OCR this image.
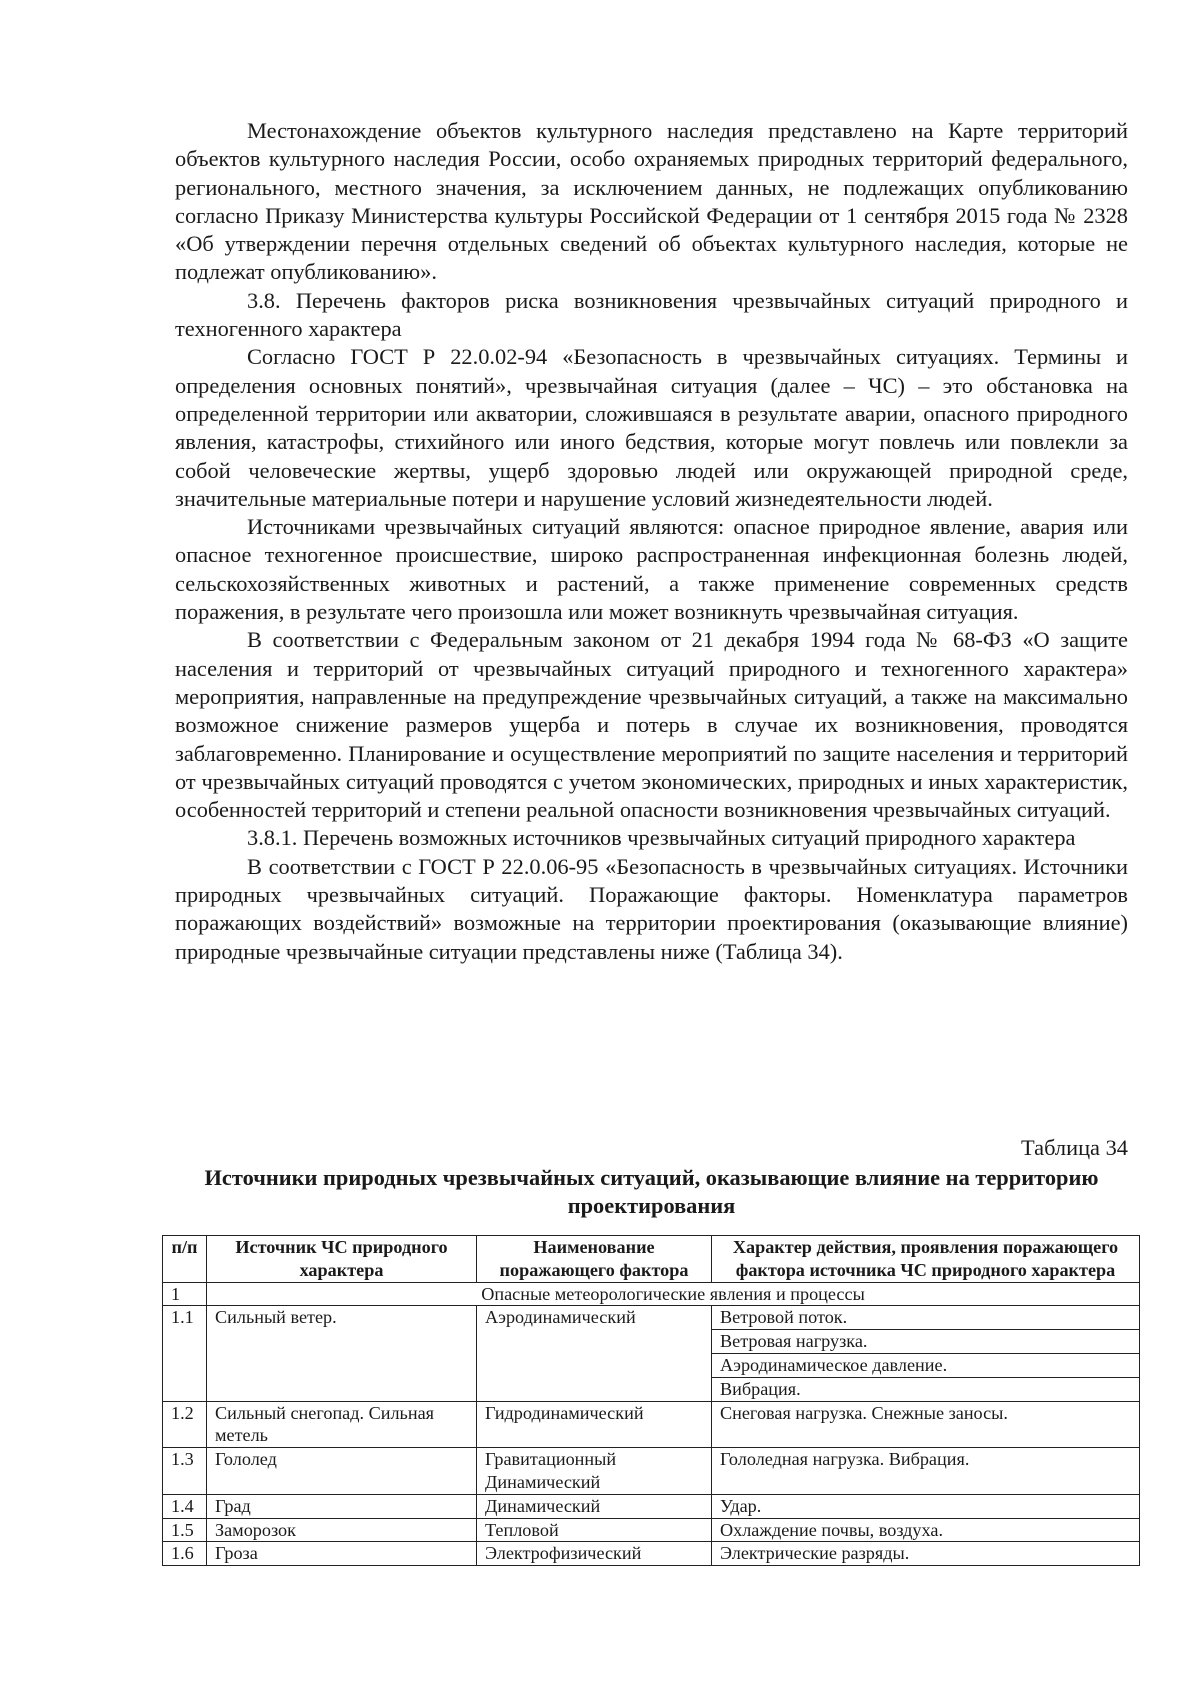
Местонахождение объектов культурного наследия представлено на Карте территорий объектов культурного наследия России, особо охраняемых природных территорий федерального, регионального, местного значения, за исключением данных, не подлежащих опубликованию согласно Приказу Министерства культуры Российской Федерации от 1 сентября 2015 года № 2328 «Об утверждении перечня отдельных сведений об объектах культурного наследия, которые не подлежат опубликованию».

3.8. Перечень факторов риска возникновения чрезвычайных ситуаций природного и техногенного характера

Согласно ГОСТ Р 22.0.02-94 «Безопасность в чрезвычайных ситуациях. Термины и определения основных понятий», чрезвычайная ситуация (далее – ЧС) – это обстановка на определенной территории или акватории, сложившаяся в результате аварии, опасного природного явления, катастрофы, стихийного или иного бедствия, которые могут повлечь или повлекли за собой человеческие жертвы, ущерб здоровью людей или окружающей природной среде, значительные материальные потери и нарушение условий жизнедеятельности людей.

Источниками чрезвычайных ситуаций являются: опасное природное явление, авария или опасное техногенное происшествие, широко распространенная инфекционная болезнь людей, сельскохозяйственных животных и растений, а также применение современных средств поражения, в результате чего произошла или может возникнуть чрезвычайная ситуация.

В соответствии с Федеральным законом от 21 декабря 1994 года № 68-ФЗ «О защите населения и территорий от чрезвычайных ситуаций природного и техногенного характера» мероприятия, направленные на предупреждение чрезвычайных ситуаций, а также на максимально возможное снижение размеров ущерба и потерь в случае их возникновения, проводятся заблаговременно. Планирование и осуществление мероприятий по защите населения и территорий от чрезвычайных ситуаций проводятся с учетом экономических, природных и иных характеристик, особенностей территорий и степени реальной опасности возникновения чрезвычайных ситуаций.

3.8.1. Перечень возможных источников чрезвычайных ситуаций природного характера

В соответствии с ГОСТ Р 22.0.06-95 «Безопасность в чрезвычайных ситуациях. Источники природных чрезвычайных ситуаций. Поражающие факторы. Номенклатура параметров поражающих воздействий» возможные на территории проектирования (оказывающие влияние) природные чрезвычайные ситуации представлены ниже (Таблица 34).

Таблица 34
Источники природных чрезвычайных ситуаций, оказывающие влияние на территорию проектирования
п/п	Источник ЧС природного характера	Наименование поражающего фактора	Характер действия, проявления поражающего фактора источника ЧС природного характера
1	Опасные метеорологические явления и процессы		
1.1	Сильный ветер.	Аэродинамический	Ветровой поток.
			Ветровая нагрузка.
			Аэродинамическое давление.
			Вибрация.
1.2	Сильный снегопад. Сильная метель	Гидродинамический	Снеговая нагрузка. Снежные заносы.
1.3	Гололед	Гравитационный Динамический	Гололедная нагрузка. Вибрация.
1.4	Град	Динамический	Удар.
1.5	Заморозок	Тепловой	Охлаждение почвы, воздуха.
1.6	Гроза	Электрофизический	Электрические разряды.
